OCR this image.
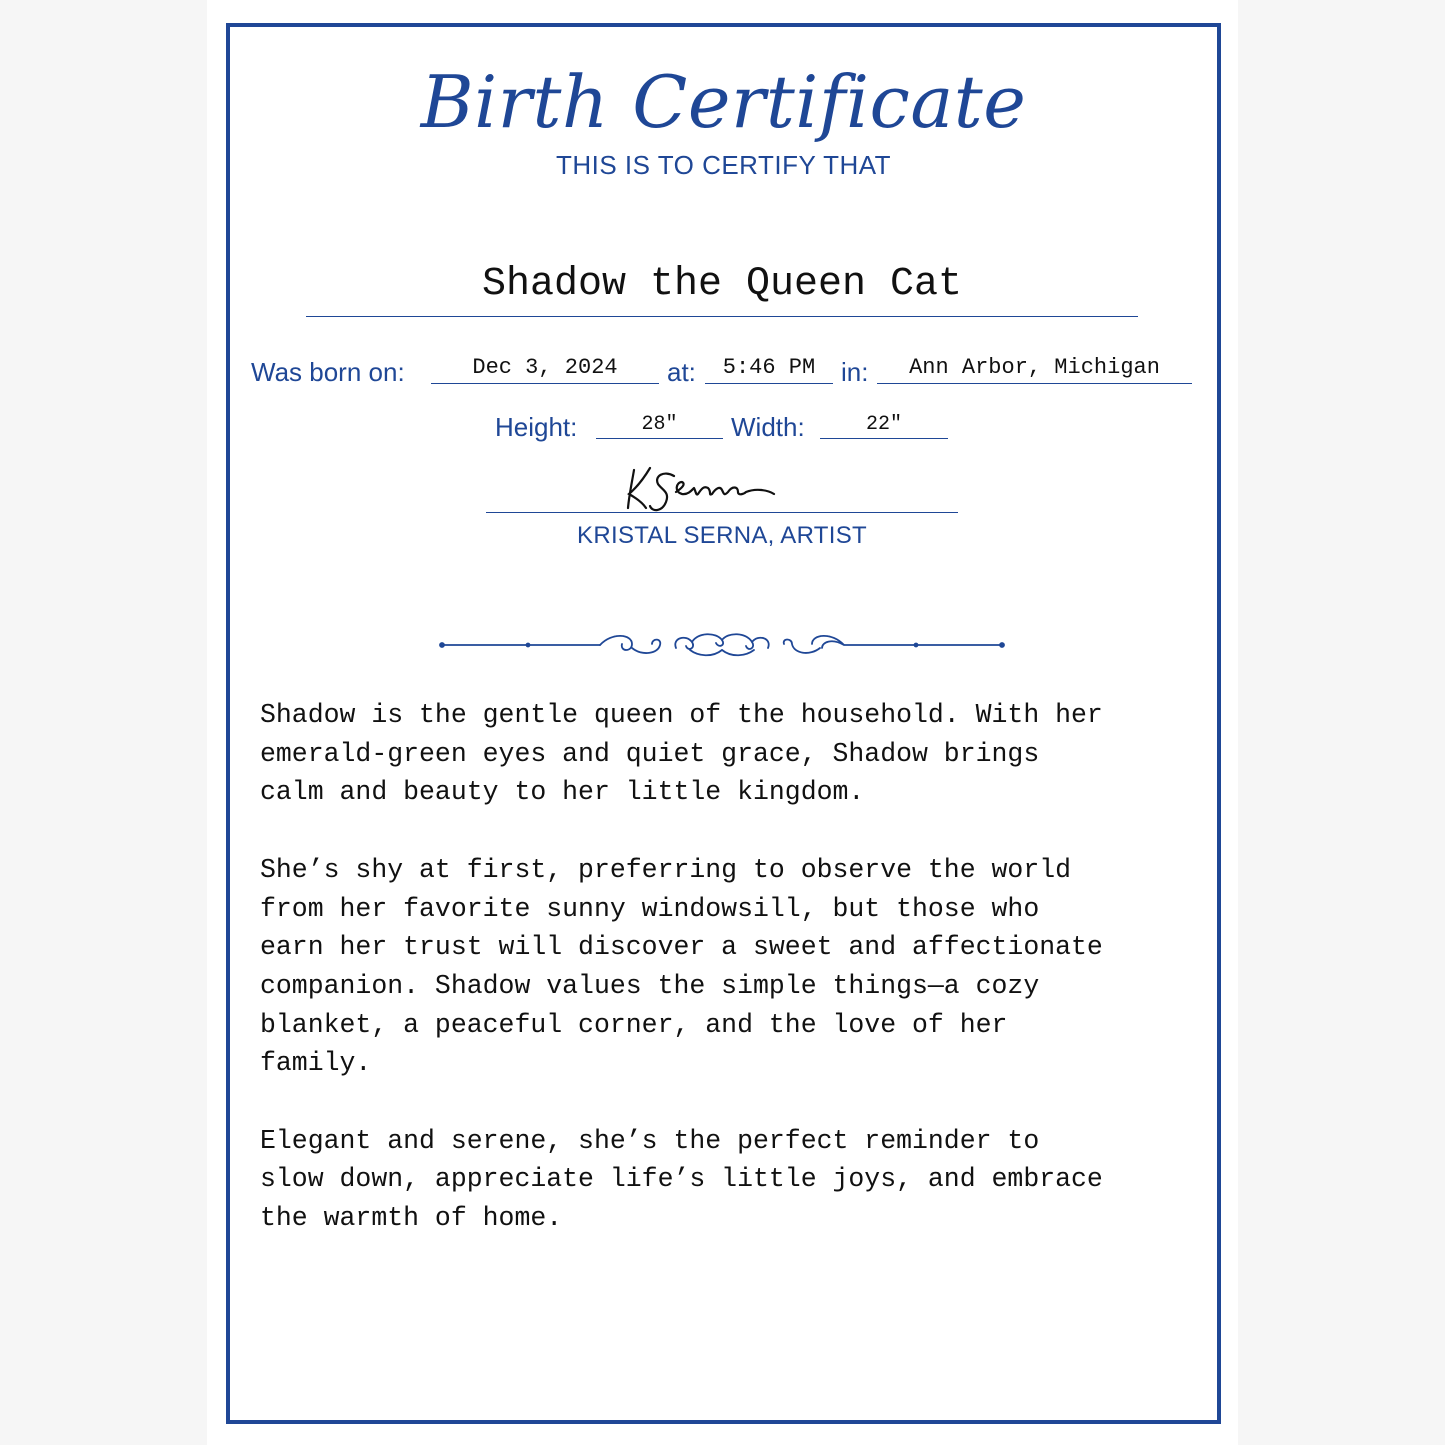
Birth Certificate
THIS IS TO CERTIFY THAT
Shadow the Queen Cat
Was born on:	Dec 3, 2024	at:	5:46 PM in:	Ann Arbor, Michigan
Height:	28"	Width:	22"
KSerna
KRISTAL SERNA, ARTIST

Shadow is the gentle queen of the household. With her
emerald-green eyes and quiet grace, Shadow brings
calm and beauty to her little kingdom.

She’s shy at first, preferring to observe the world
from her favorite sunny windowsill, but those who
earn her trust will discover a sweet and affectionate
companion. Shadow values the simple things—a cozy
blanket, a peaceful corner, and the love of her
family.

Elegant and serene, she’s the perfect reminder to
slow down, appreciate life’s little joys, and embrace
the warmth of home.
